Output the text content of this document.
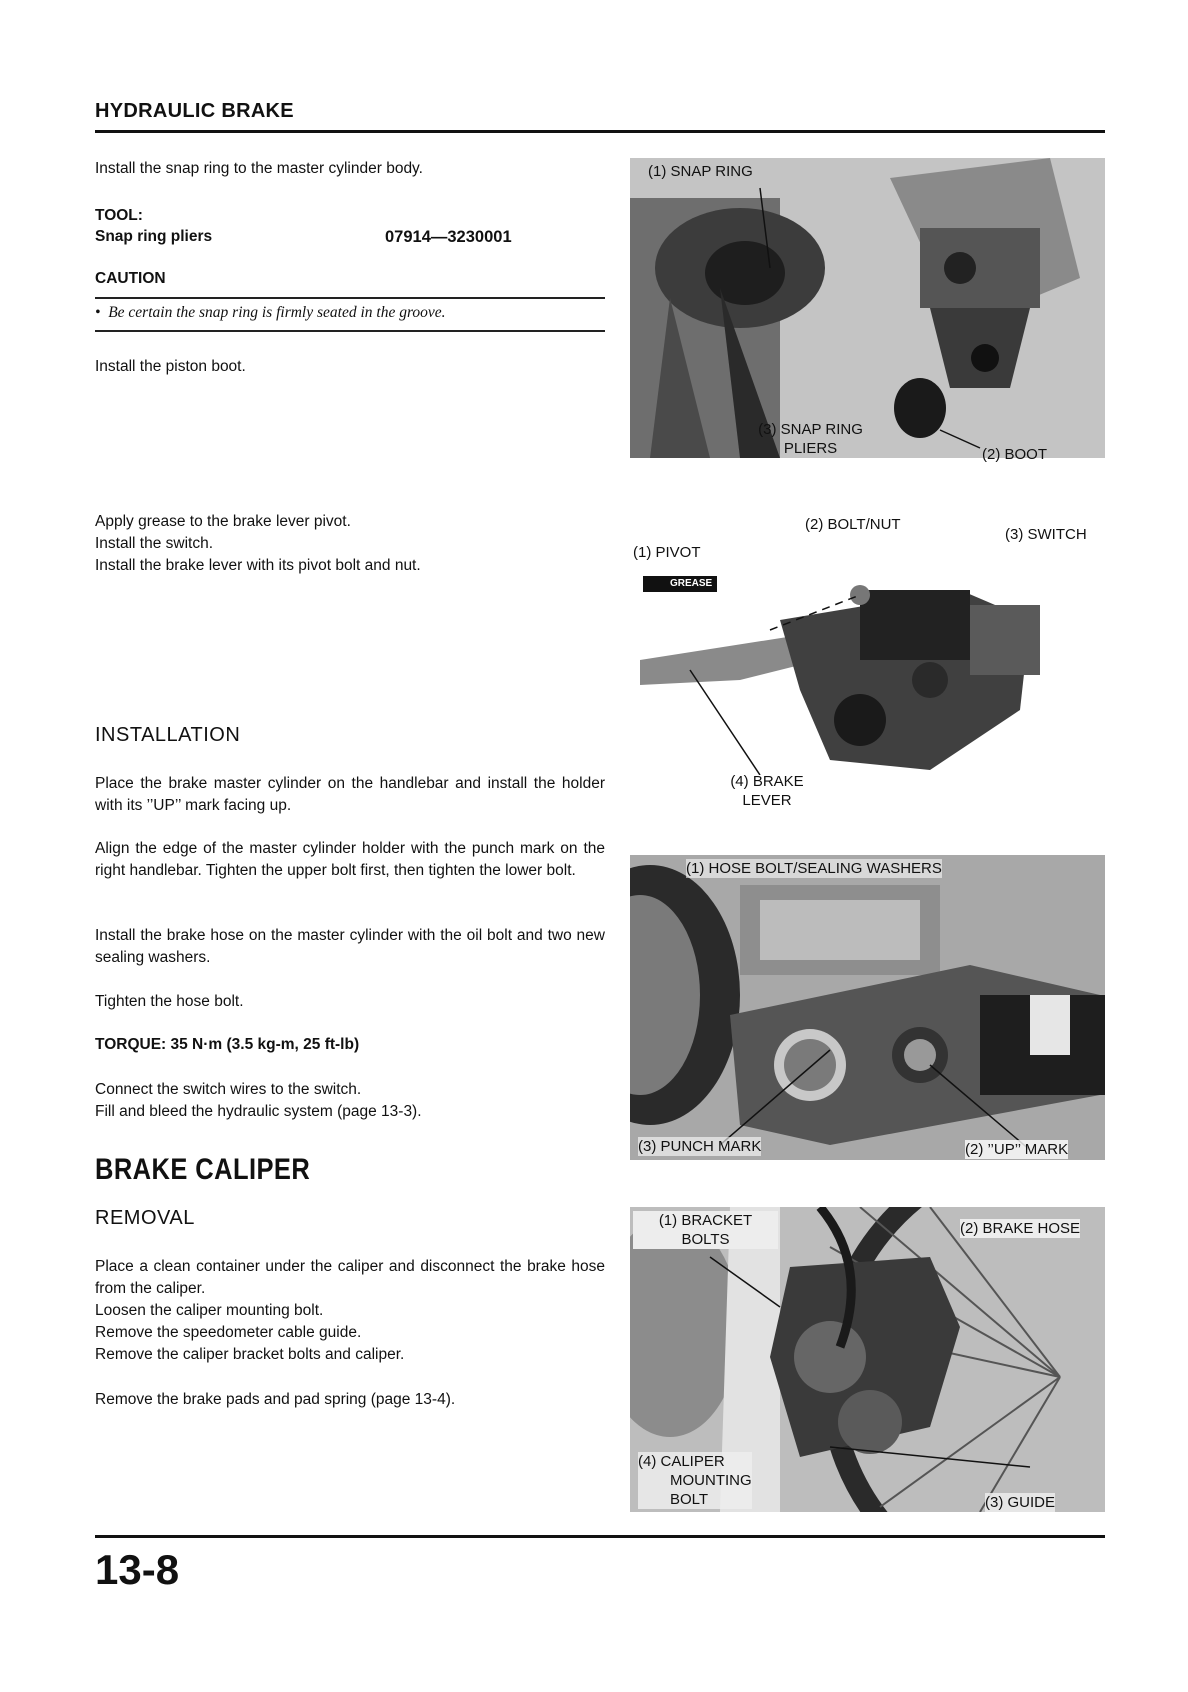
HYDRAULIC BRAKE
Install the snap ring to the master cylinder body.
TOOL:
Snap ring pliers	07914—3230001
CAUTION
•  Be certain the snap ring is firmly seated in the groove.
Install the piston boot.
Apply grease to the brake lever pivot.
Install the switch.
Install the brake lever with its pivot bolt and nut.
INSTALLATION
Place the brake master cylinder on the handlebar and install the holder with its ’’UP’’ mark facing up.
Align the edge of the master cylinder holder with the punch mark on the right handlebar. Tighten the upper bolt first, then tighten the lower bolt.
Install the brake hose on the master cylinder with the oil bolt and two new sealing washers.
Tighten the hose bolt.
TORQUE: 35 N·m (3.5 kg-m, 25 ft-lb)
Connect the switch wires to the switch.
Fill and bleed the hydraulic system (page 13-3).
BRAKE CALIPER
REMOVAL
Place a clean container under the caliper and disconnect the brake hose from the caliper.
Loosen the caliper mounting bolt.
Remove the speedometer cable guide.
Remove the caliper bracket bolts and caliper.
Remove the brake pads and pad spring (page 13-4).
(1) SNAP RING
(3) SNAP RING
PLIERS	(2) BOOT
(1) PIVOT
(2) BOLT/NUT
(3) SWITCH
GREASE
(4) BRAKE
LEVER
(1) HOSE BOLT/SEALING WASHERS
(3) PUNCH MARK	(2) ’’UP’’ MARK
(1) BRACKET
BOLTS
(2) BRAKE HOSE
(4) CALIPER
MOUNTING
BOLT	(3) GUIDE
13-8
